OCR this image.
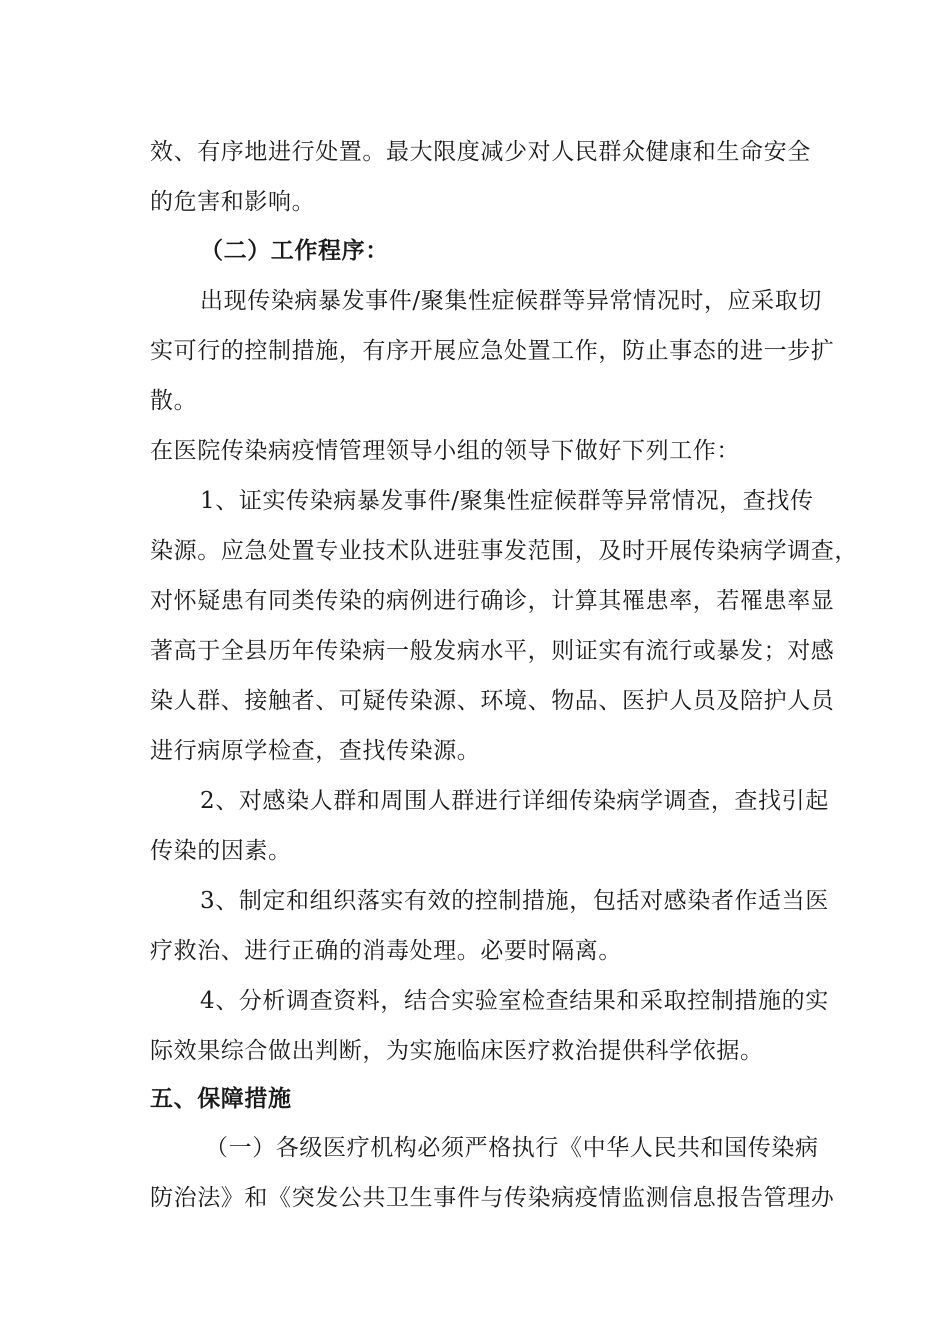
效、有序地进行处置。最大限度减少对人民群众健康和生命安全
的危害和影响。
（二）工作程序：
出现传染病暴发事件/聚集性症候群等异常情况时，应采取切
实可行的控制措施，有序开展应急处置工作，防止事态的进一步扩
散。
在医院传染病疫情管理领导小组的领导下做好下列工作：
1、证实传染病暴发事件/聚集性症候群等异常情况，查找传
染源。应急处置专业技术队进驻事发范围，及时开展传染病学调查，
对怀疑患有同类传染的病例进行确诊，计算其罹患率，若罹患率显
著高于全县历年传染病一般发病水平，则证实有流行或暴发；对感
染人群、接触者、可疑传染源、环境、物品、医护人员及陪护人员
进行病原学检查，查找传染源。
2、对感染人群和周围人群进行详细传染病学调查，查找引起
传染的因素。
3、制定和组织落实有效的控制措施，包括对感染者作适当医
疗救治、进行正确的消毒处理。必要时隔离。
4、分析调查资料，结合实验室检查结果和采取控制措施的实
际效果综合做出判断，为实施临床医疗救治提供科学依据。
五、保障措施
（一）各级医疗机构必须严格执行《中华人民共和国传染病
防治法》和《突发公共卫生事件与传染病疫情监测信息报告管理办
